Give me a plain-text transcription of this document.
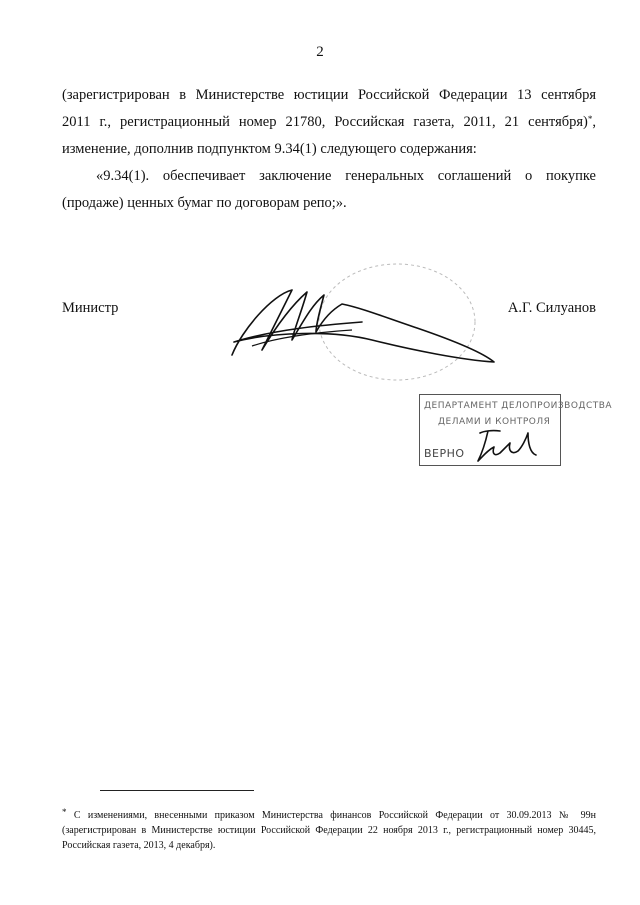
2

(зарегистрирован в Министерстве юстиции Российской Федерации 13 сентября

2011 г., регистрационный номер 21780, Российская газета, 2011, 21 сентября)*,

изменение, дополнив подпунктом 9.34(1) следующего содержания:

«9.34(1). обеспечивает заключение генеральных соглашений о покупке

(продаже) ценных бумаг по договорам репо;».

Министр	А.Г. Силуанов
ДЕПАРТАМЕНТ ДЕЛОПРОИЗВОДСТВА
ДЕЛАМИ И КОНТРОЛЯ
ВЕРНО
* С изменениями, внесенными приказом Министерства финансов Российской Федерации от 30.09.2013 № 99н (зарегистрирован в Министерстве юстиции Российской Федерации 22 ноября 2013 г., регистрационный номер 30445, Российская газета, 2013, 4 декабря).
